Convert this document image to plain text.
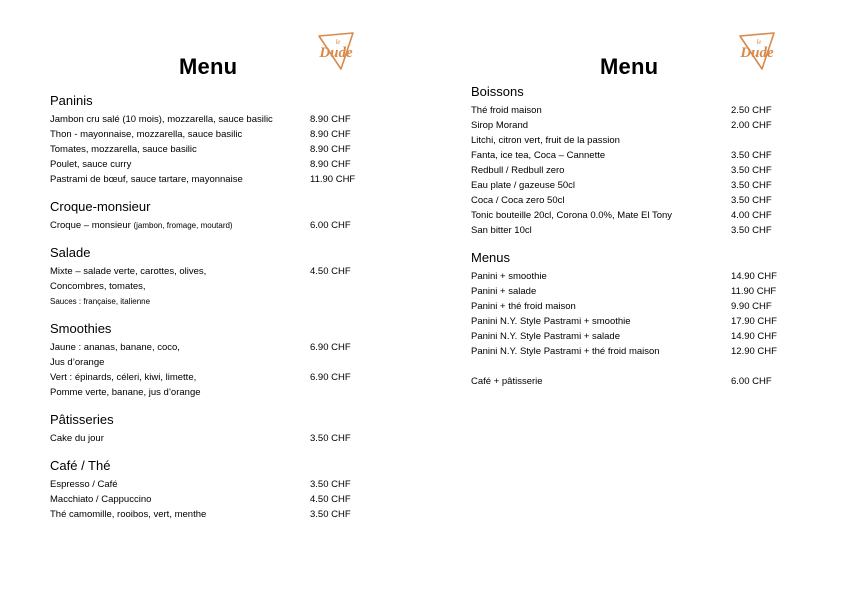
Menu
le
Dude
Paninis
Jambon cru salé (10 mois), mozzarella, sauce basilic	8.90 CHF
Thon - mayonnaise, mozzarella, sauce basilic	8.90 CHF
Tomates, mozzarella, sauce basilic	8.90 CHF
Poulet, sauce curry	8.90 CHF
Pastrami de bœuf, sauce tartare, mayonnaise	11.90 CHF
Croque-monsieur
Croque – monsieur (jambon, fromage, moutard)	6.00 CHF
Salade
Mixte – salade verte, carottes, olives,	4.50 CHF
Concombres, tomates,
Sauces : française, italienne
Smoothies
Jaune : ananas, banane, coco,	6.90 CHF
Jus d’orange
Vert : épinards, céleri, kiwi, limette,	6.90 CHF
Pomme verte, banane, jus d’orange
Pâtisseries
Cake du jour	3.50 CHF
Café / Thé
Espresso / Café	3.50 CHF
Macchiato / Cappuccino	4.50 CHF
Thé camomille, rooibos, vert, menthe	3.50 CHF
Menu
le
Dude
Boissons
Thé froid maison	2.50 CHF
Sirop Morand	2.00 CHF
Litchi, citron vert, fruit de la passion
Fanta, ice tea, Coca – Cannette	3.50 CHF
Redbull / Redbull zero	3.50 CHF
Eau plate / gazeuse 50cl	3.50 CHF
Coca / Coca zero 50cl	3.50 CHF
Tonic bouteille 20cl, Corona 0.0%, Mate El Tony	4.00 CHF
San bitter 10cl	3.50 CHF
Menus
Panini + smoothie	14.90 CHF
Panini + salade	11.90 CHF
Panini + thé froid maison	9.90 CHF
Panini N.Y. Style Pastrami + smoothie	17.90 CHF
Panini N.Y. Style Pastrami + salade	14.90 CHF
Panini N.Y. Style Pastrami + thé froid maison	12.90 CHF
Café + pâtisserie	6.00 CHF
